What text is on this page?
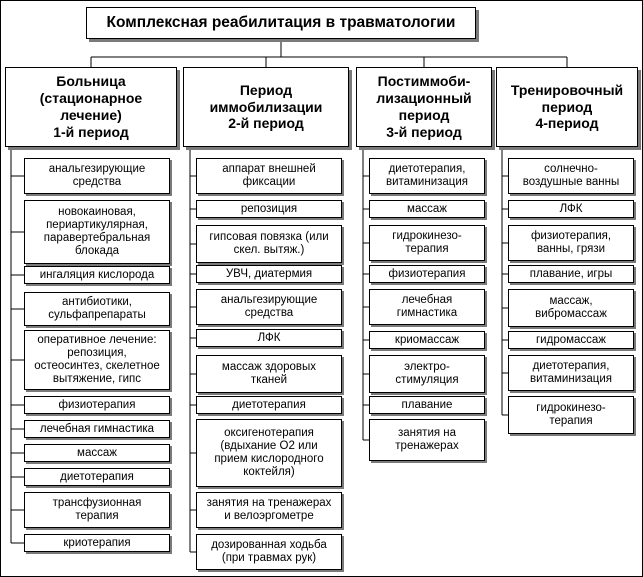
Комплексная реабилитация в травматологии
Больница
(стационарное
лечение)
1-й период
анальгезирующие
средства
новокаиновая,
периартикулярная,
паравертебральная
блокада
ингаляция кислорода
антибиотики,
сульфапрепараты
оперативное лечение:
репозиция,
остеосинтез, скелетное
вытяжение, гипс
физиотерапия
лечебная гимнастика
массаж
диетотерапия
трансфузионная
терапия
криотерапия
Период
иммобилизации
2-й период
аппарат внешней
фиксации
репозиция
гипсовая повязка (или
скел. вытяж.)
УВЧ, диатермия
анальгезирующие
средства
ЛФК
массаж здоровых
тканей
диетотерапия
оксигенотерапия
(вдыхание О2 или
прием кислородного
коктейля)
занятия на тренажерах
и велоэргометре
дозированная ходьба
(при травмах рук)
Постиммоби-
лизационный
период
3-й период
диетотерапия,
витаминизация
массаж
гидрокинезо-
терапия
физиотерапия
лечебная
гимнастика
криомассаж
электро-
стимуляция
плавание
занятия на
тренажерах
Тренировочный
период
4-период
солнечно-
воздушные ванны
ЛФК
физиотерапия,
ванны, грязи
плавание, игры
массаж,
вибромассаж
гидромассаж
диетотерапия,
витаминизация
гидрокинезо-
терапия
